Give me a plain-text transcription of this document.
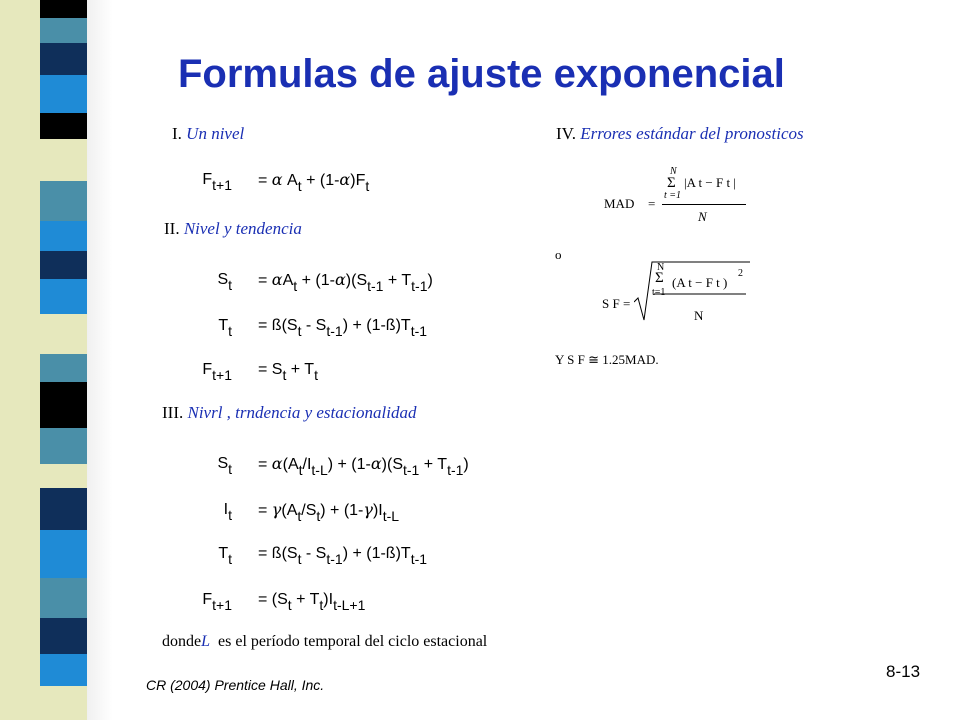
Formulas de ajuste exponencial
I. Un nivel
Ft+1 = α At + (1-α)Ft
II. Nivel y tendencia
St = αAt + (1-α)(St-1 + Tt-1)
Tt = ß(St - St-1) + (1-ß)Tt-1
Ft+1 = St + Tt
III. Nivrl , trndencia y estacionalidad
St = α(At/It-L) + (1-α)(St-1 + Tt-1)
It = γ(At/St) + (1-γ)It-L
Tt = ß(St - St-1) + (1-ß)Tt-1
Ft+1 = (St + Tt)It-L+1
dondeL es el período temporal del ciclo estacional
IV. Errores estándar del pronosticos
MAD =
N
Σ
t =1
|A t − F t |
N
o
S F =
N
Σ
t=1
(A t − F t )
2
N
Y S F ≅ 1.25MAD.
8-13
CR (2004) Prentice Hall, Inc.
